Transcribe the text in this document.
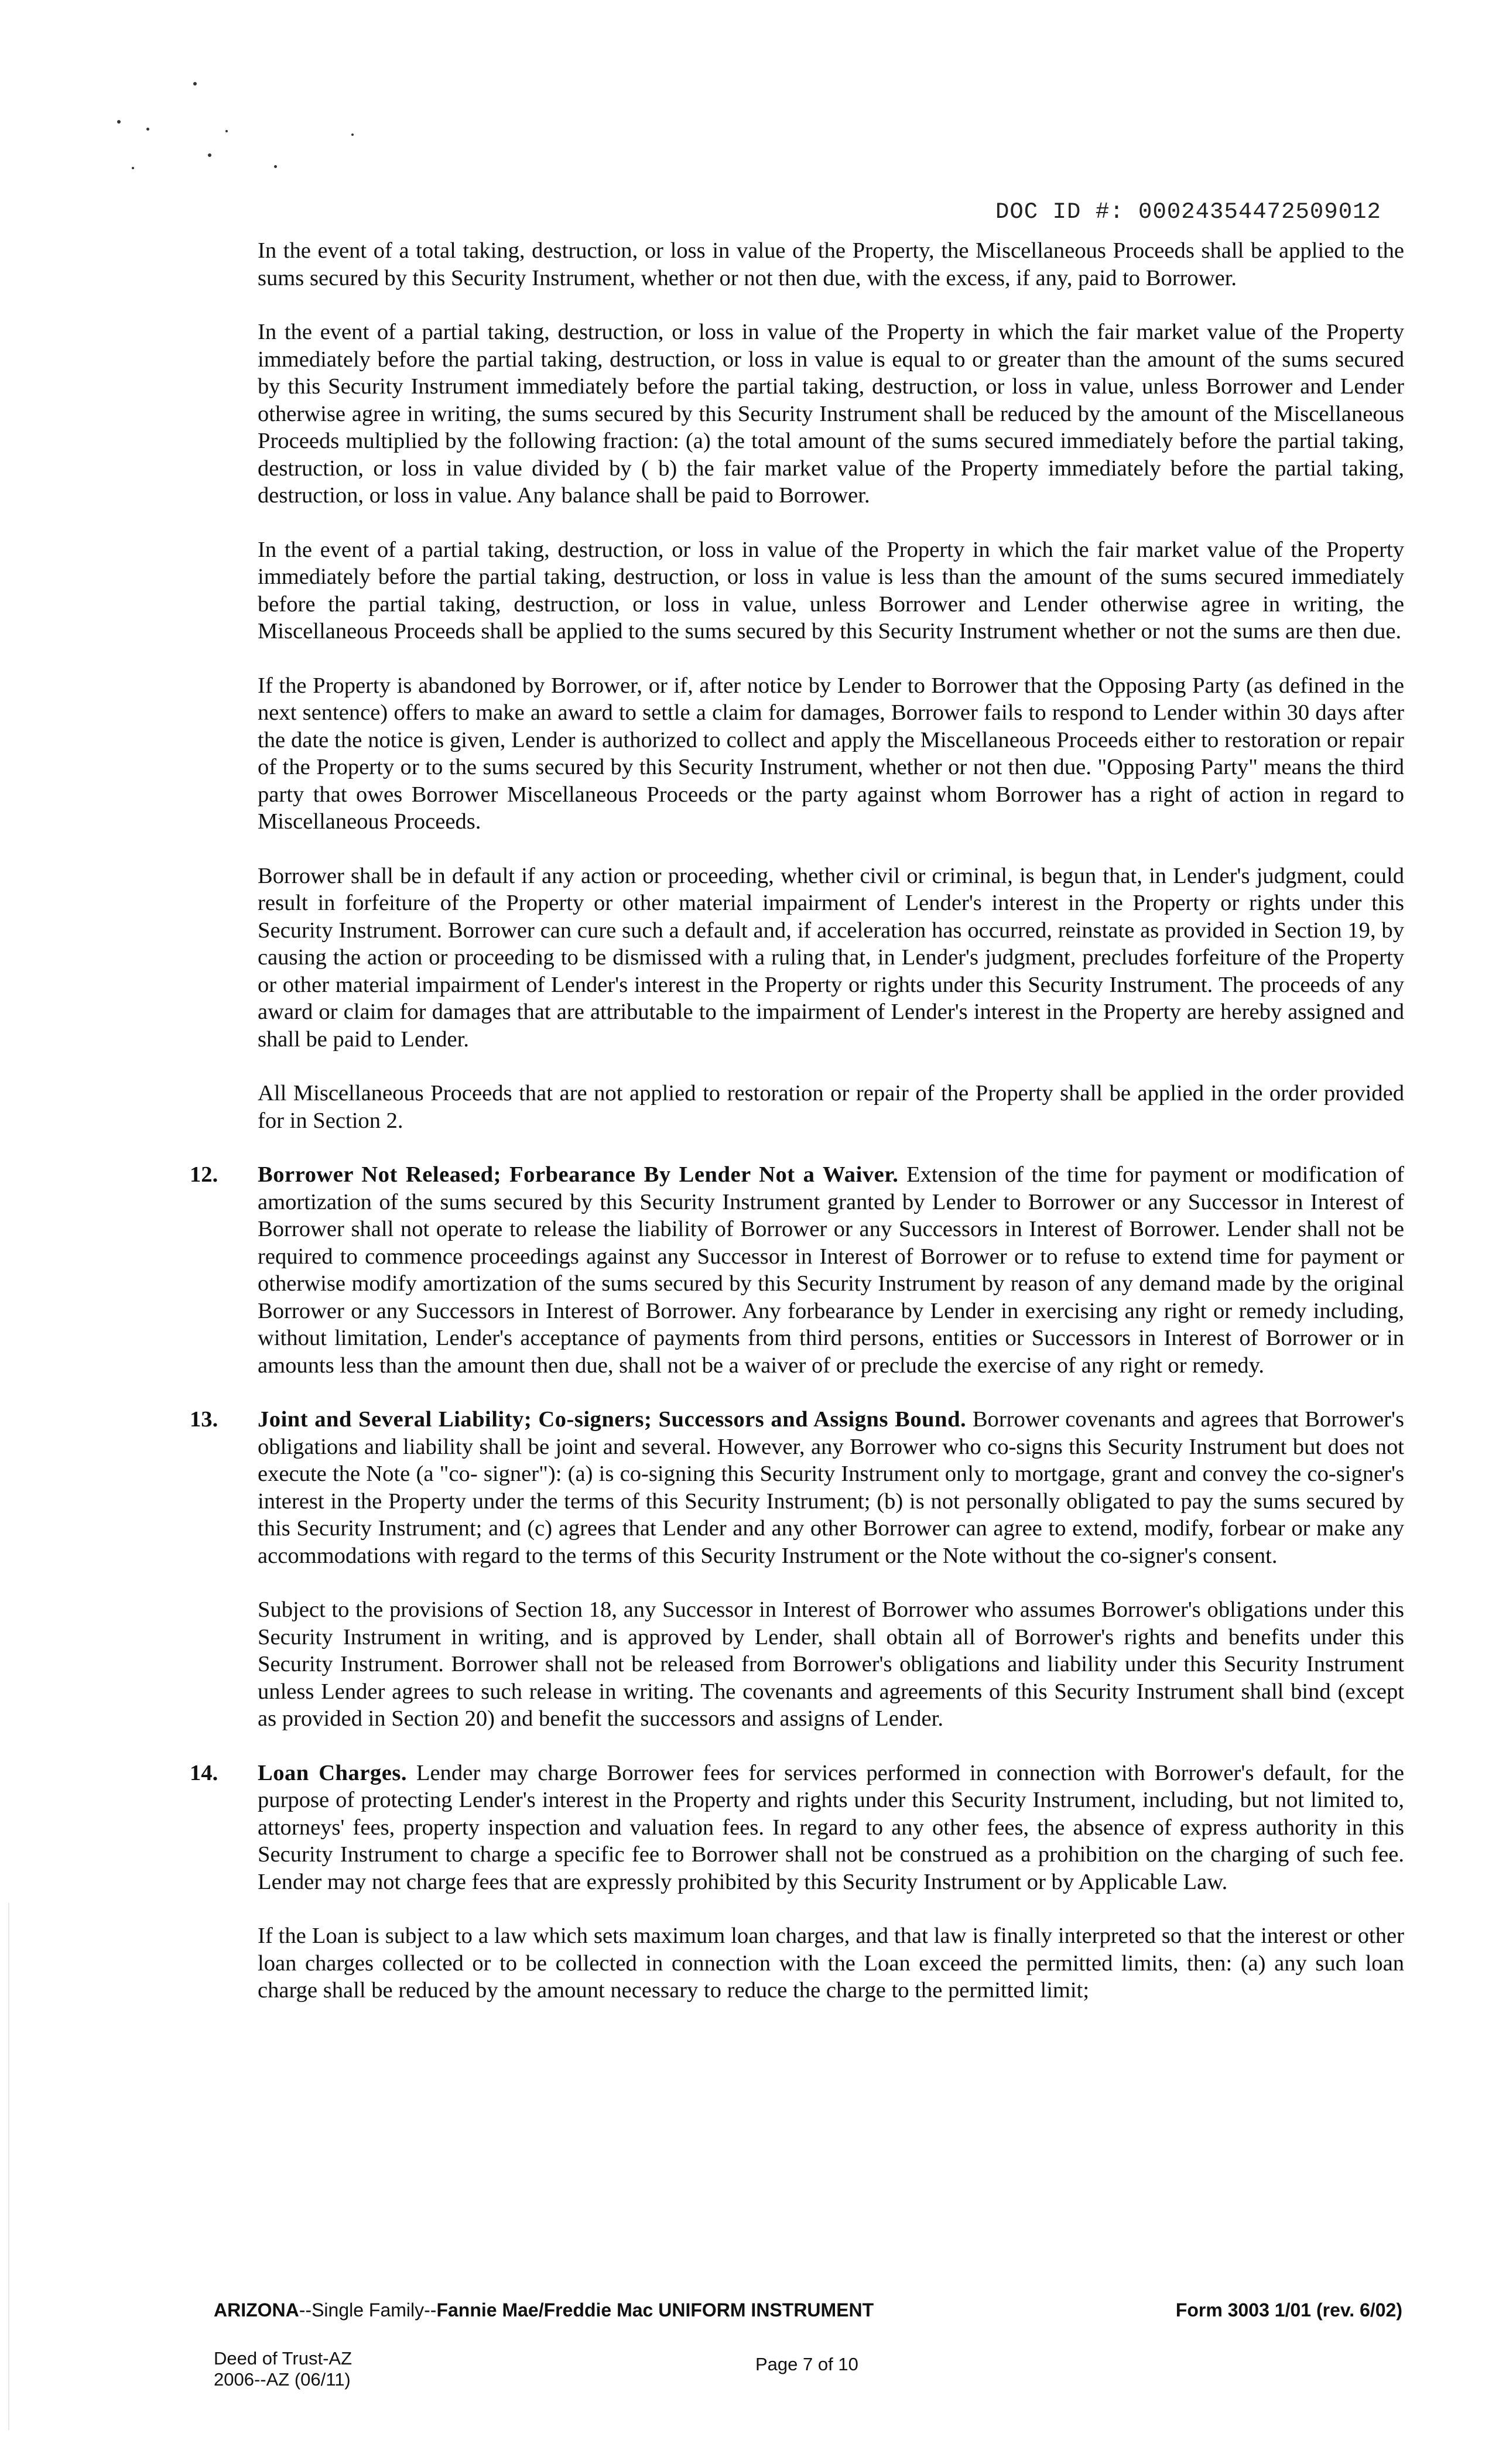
DOC ID #: 00024354472509012

In the event of a total taking, destruction, or loss in value of the Property, the Miscellaneous Proceeds shall be applied to the sums secured by this Security Instrument, whether or not then due, with the excess, if any, paid to Borrower.

In the event of a partial taking, destruction, or loss in value of the Property in which the fair market value of the Property immediately before the partial taking, destruction, or loss in value is equal to or greater than the amount of the sums secured by this Security Instrument immediately before the partial taking, destruction, or loss in value, unless Borrower and Lender otherwise agree in writing, the sums secured by this Security Instrument shall be reduced by the amount of the Miscellaneous Proceeds multiplied by the following fraction: (a) the total amount of the sums secured immediately before the partial taking, destruction, or loss in value divided by ( b) the fair market value of the Property immediately before the partial taking, destruction, or loss in value. Any balance shall be paid to Borrower.

In the event of a partial taking, destruction, or loss in value of the Property in which the fair market value of the Property immediately before the partial taking, destruction, or loss in value is less than the amount of the sums secured immediately before the partial taking, destruction, or loss in value, unless Borrower and Lender otherwise agree in writing, the Miscellaneous Proceeds shall be applied to the sums secured by this Security Instrument whether or not the sums are then due.

If the Property is abandoned by Borrower, or if, after notice by Lender to Borrower that the Opposing Party (as defined in the next sentence) offers to make an award to settle a claim for damages, Borrower fails to respond to Lender within 30 days after the date the notice is given, Lender is authorized to collect and apply the Miscellaneous Proceeds either to restoration or repair of the Property or to the sums secured by this Security Instrument, whether or not then due. "Opposing Party" means the third party that owes Borrower Miscellaneous Proceeds or the party against whom Borrower has a right of action in regard to Miscellaneous Proceeds.

Borrower shall be in default if any action or proceeding, whether civil or criminal, is begun that, in Lender's judgment, could result in forfeiture of the Property or other material impairment of Lender's interest in the Property or rights under this Security Instrument. Borrower can cure such a default and, if acceleration has occurred, reinstate as provided in Section 19, by causing the action or proceeding to be dismissed with a ruling that, in Lender's judgment, precludes forfeiture of the Property or other material impairment of Lender's interest in the Property or rights under this Security Instrument. The proceeds of any award or claim for damages that are attributable to the impairment of Lender's interest in the Property are hereby assigned and shall be paid to Lender.

All Miscellaneous Proceeds that are not applied to restoration or repair of the Property shall be applied in the order provided for in Section 2.

12. Borrower Not Released; Forbearance By Lender Not a Waiver. Extension of the time for payment or modification of amortization of the sums secured by this Security Instrument granted by Lender to Borrower or any Successor in Interest of Borrower shall not operate to release the liability of Borrower or any Successors in Interest of Borrower. Lender shall not be required to commence proceedings against any Successor in Interest of Borrower or to refuse to extend time for payment or otherwise modify amortization of the sums secured by this Security Instrument by reason of any demand made by the original Borrower or any Successors in Interest of Borrower. Any forbearance by Lender in exercising any right or remedy including, without limitation, Lender's acceptance of payments from third persons, entities or Successors in Interest of Borrower or in amounts less than the amount then due, shall not be a waiver of or preclude the exercise of any right or remedy.

13. Joint and Several Liability; Co-signers; Successors and Assigns Bound. Borrower covenants and agrees that Borrower's obligations and liability shall be joint and several. However, any Borrower who co-signs this Security Instrument but does not execute the Note (a "co- signer"): (a) is co-signing this Security Instrument only to mortgage, grant and convey the co-signer's interest in the Property under the terms of this Security Instrument; (b) is not personally obligated to pay the sums secured by this Security Instrument; and (c) agrees that Lender and any other Borrower can agree to extend, modify, forbear or make any accommodations with regard to the terms of this Security Instrument or the Note without the co-signer's consent.

Subject to the provisions of Section 18, any Successor in Interest of Borrower who assumes Borrower's obligations under this Security Instrument in writing, and is approved by Lender, shall obtain all of Borrower's rights and benefits under this Security Instrument. Borrower shall not be released from Borrower's obligations and liability under this Security Instrument unless Lender agrees to such release in writing. The covenants and agreements of this Security Instrument shall bind (except as provided in Section 20) and benefit the successors and assigns of Lender.

14. Loan Charges. Lender may charge Borrower fees for services performed in connection with Borrower's default, for the purpose of protecting Lender's interest in the Property and rights under this Security Instrument, including, but not limited to, attorneys' fees, property inspection and valuation fees. In regard to any other fees, the absence of express authority in this Security Instrument to charge a specific fee to Borrower shall not be construed as a prohibition on the charging of such fee. Lender may not charge fees that are expressly prohibited by this Security Instrument or by Applicable Law.

If the Loan is subject to a law which sets maximum loan charges, and that law is finally interpreted so that the interest or other loan charges collected or to be collected in connection with the Loan exceed the permitted limits, then: (a) any such loan charge shall be reduced by the amount necessary to reduce the charge to the permitted limit;

ARIZONA--Single Family--Fannie Mae/Freddie Mac UNIFORM INSTRUMENT	Form 3003 1/01 (rev. 6/02)
Deed of Trust-AZ
2006--AZ (06/11)
Page 7 of 10
